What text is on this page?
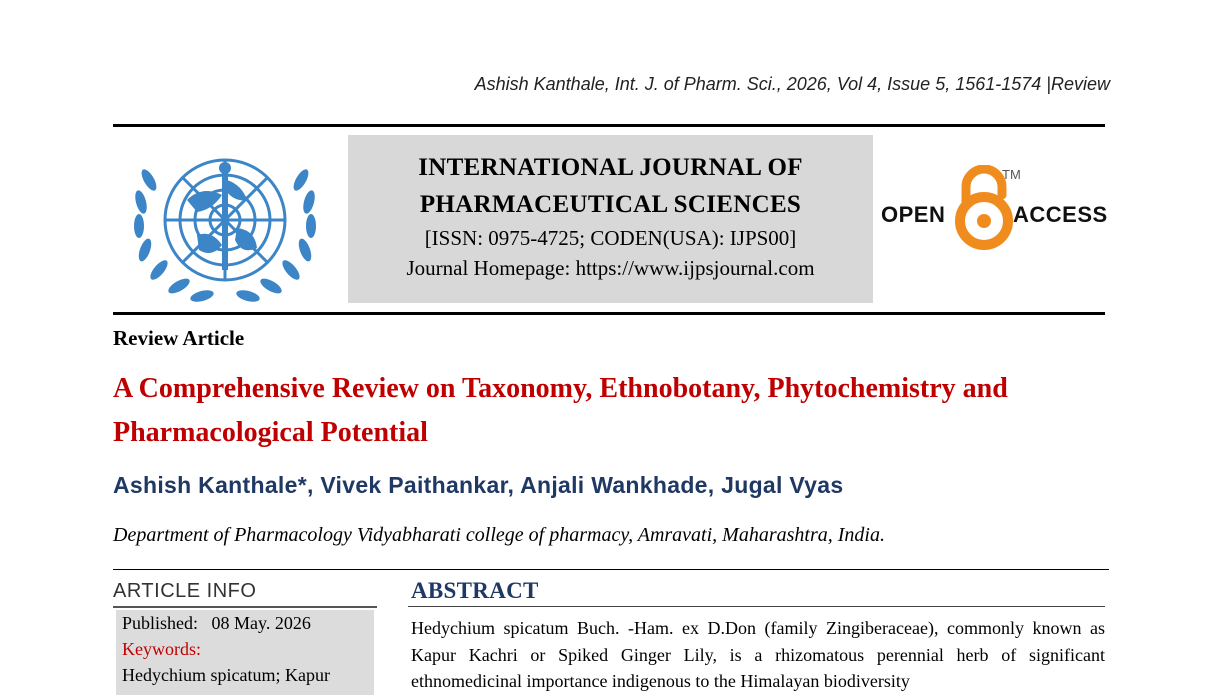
Ashish Kanthale, Int. J. of Pharm. Sci., 2026, Vol 4, Issue 5, 1561-1574 |Review
INTERNATIONAL JOURNAL OF
PHARMACEUTICAL SCIENCES
[ISSN: 0975-4725; CODEN(USA): IJPS00]
Journal Homepage: https://www.ijpsjournal.com
OPEN
TM
ACCESS
Review Article
A Comprehensive Review on Taxonomy, Ethnobotany, Phytochemistry and Pharmacological Potential
Ashish Kanthale*, Vivek Paithankar, Anjali Wankhade, Jugal Vyas
Department of Pharmacology Vidyabharati college of pharmacy, Amravati, Maharashtra, India.
ARTICLE INFO
Published: 08 May. 2026
Keywords:
Hedychium spicatum; Kapur
ABSTRACT
Hedychium spicatum Buch. -Ham. ex D.Don (family Zingiberaceae), commonly known as Kapur Kachri or Spiked Ginger Lily, is a rhizomatous perennial herb of significant ethnomedicinal importance indigenous to the Himalayan biodiversity
